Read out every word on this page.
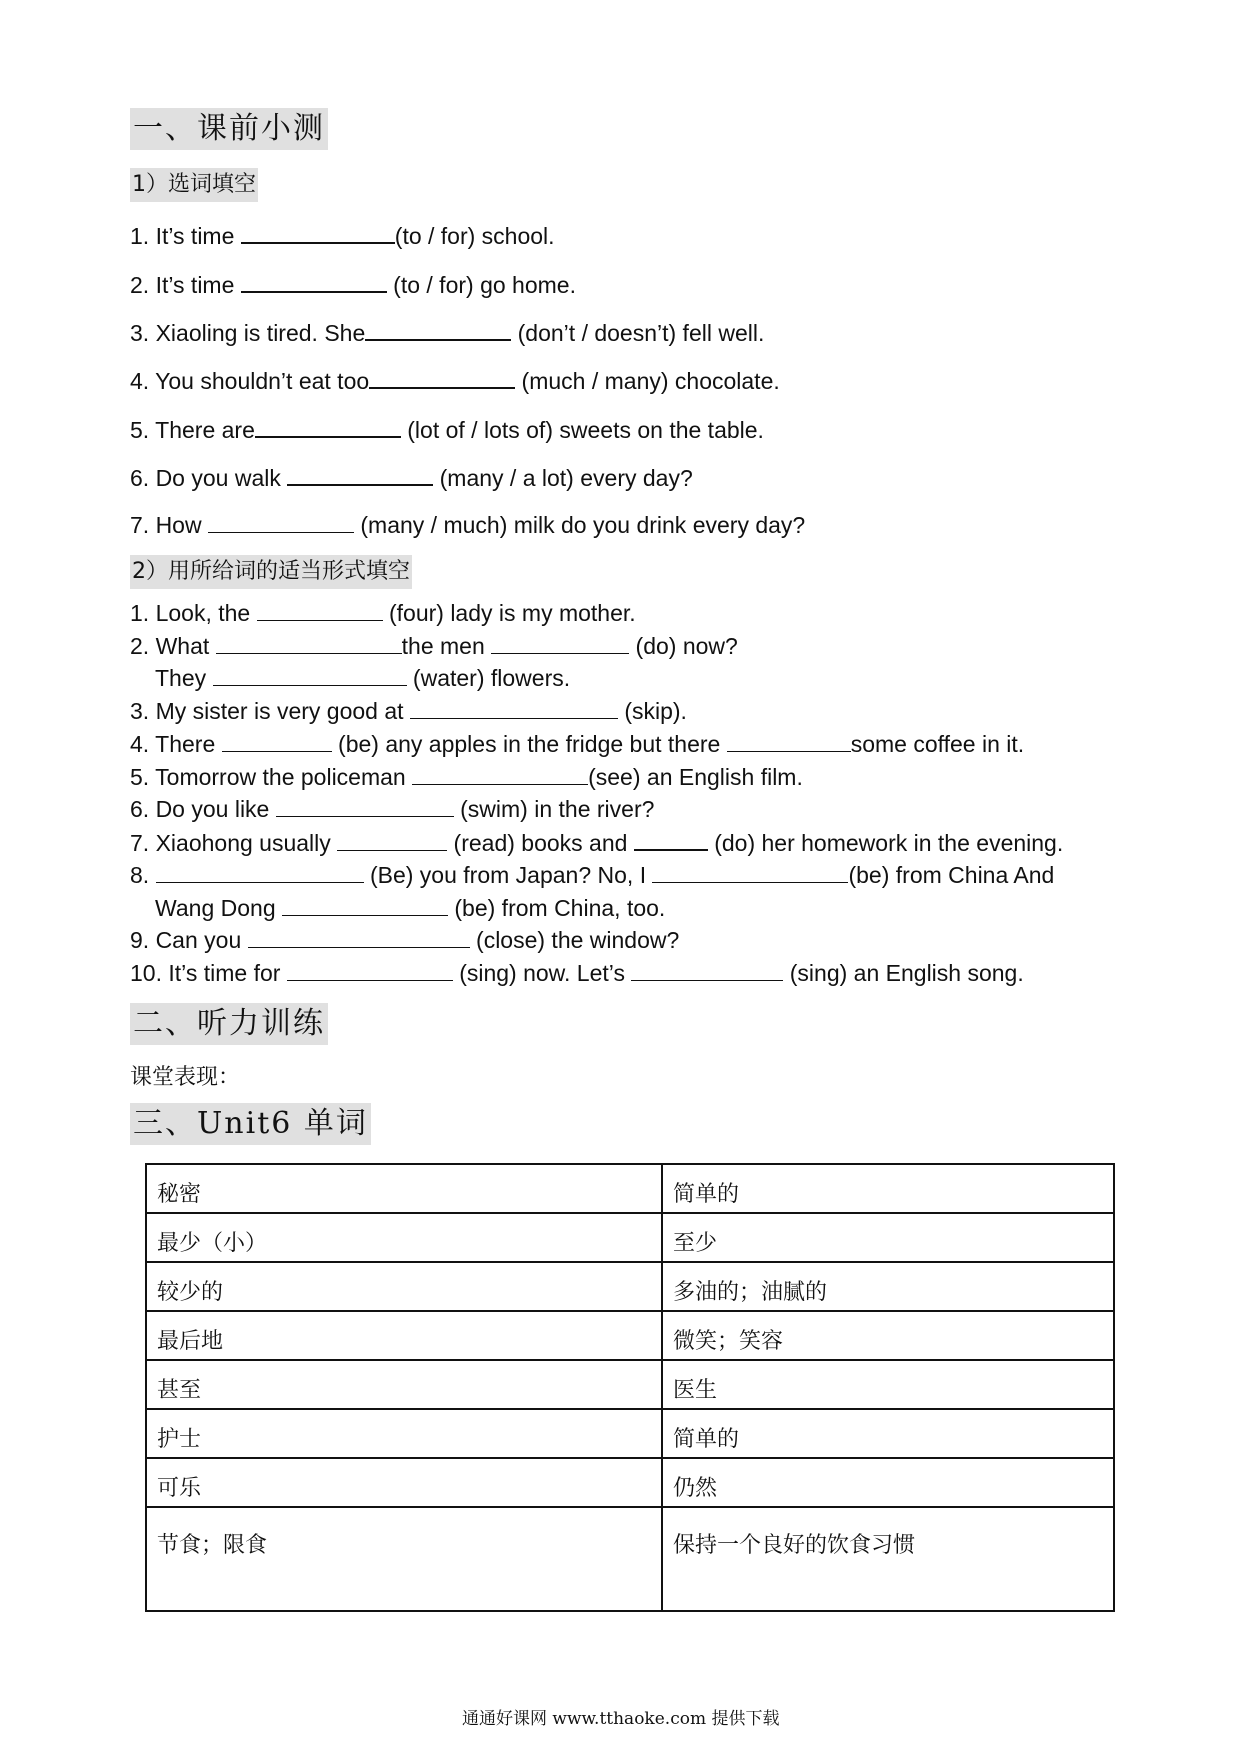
一、课前小测
1）选词填空
1. It’s time	(to / for) school.
2. It’s time	(to / for) go home.
3. Xiaoling is tired. She	(don’t / doesn’t) fell well.
4. You shouldn’t eat too	(much / many) chocolate.
5. There are	(lot of / lots of) sweets on the table.
6. Do you walk	(many / a lot) every day?
7. How	(many / much) milk do you drink every day?
2）用所给词的适当形式填空
1. Look, the	(four) lady is my mother.
2. What	the men	(do) now?
They	(water) flowers.
3. My sister is very good at	(skip).
4. There	(be) any apples in the fridge but there	some coffee in it.
5. Tomorrow the policeman	(see) an English film.
6. Do you like	(swim) in the river?
7. Xiaohong usually	(read) books and	(do) her homework in the evening.
8.	(Be) you from Japan? No, I	(be) from China And
Wang Dong	(be) from China, too.
9. Can you	(close) the window?
10. It’s time for	(sing) now. Let’s	(sing) an English song.
二、听力训练
课堂表现：
三、Unit6 单词
秘密	简单的
最少（小）	至少
较少的	多油的；油腻的
最后地	微笑；笑容
甚至	医生
护士	简单的
可乐	仍然
节食；限食	保持一个良好的饮食习惯
通通好课网 www.tthaoke.com 提供下载
